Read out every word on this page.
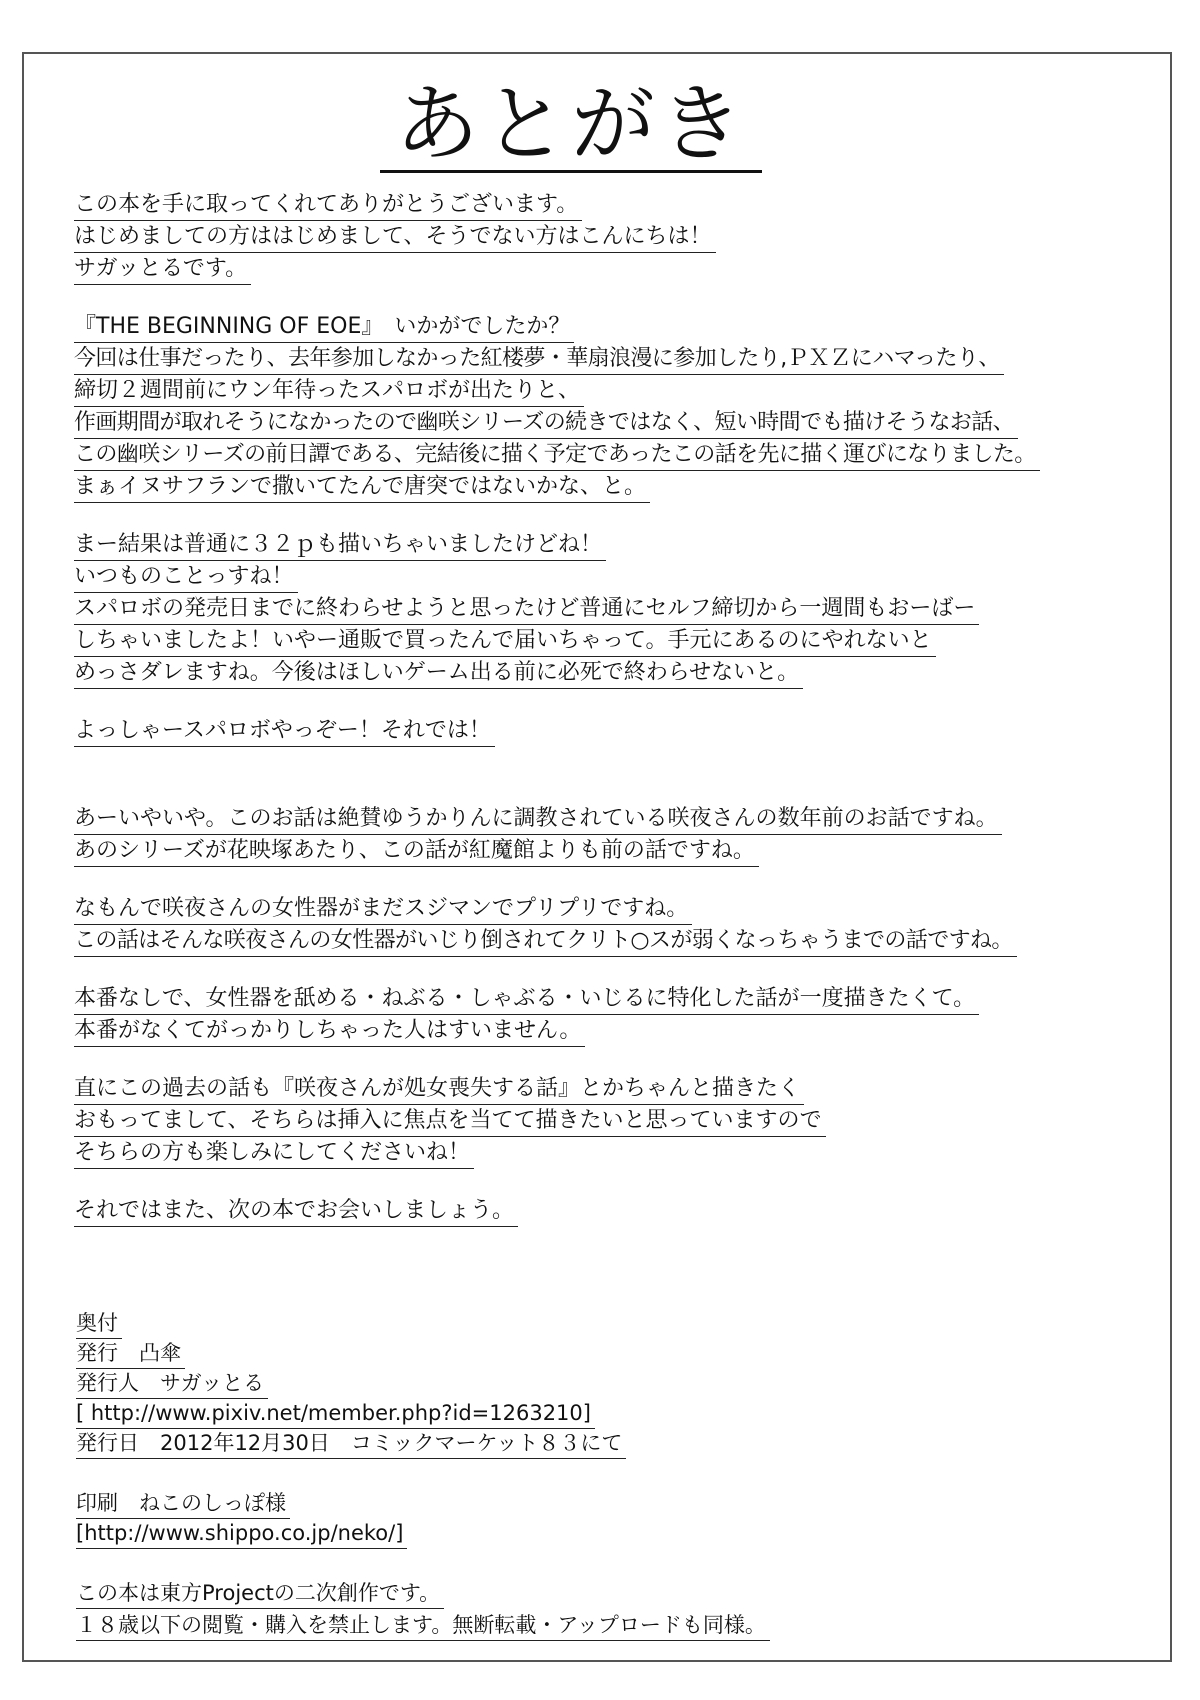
あとがき
この本を手に取ってくれてありがとうございます。
はじめましての方ははじめまして、そうでない方はこんにちは！
サガッとるです。
『THE BEGINNING OF EOE』　いかがでしたか？
今回は仕事だったり、去年参加しなかった紅楼夢・華扇浪漫に参加したり,ＰＸＺにハマったり、
締切２週間前にウン年待ったスパロボが出たりと、
作画期間が取れそうになかったので幽咲シリーズの続きではなく、短い時間でも描けそうなお話、
この幽咲シリーズの前日譚である、完結後に描く予定であったこの話を先に描く運びになりました。
まぁイヌサフランで撒いてたんで唐突ではないかな、と。
まー結果は普通に３２ｐも描いちゃいましたけどね！
いつものことっすね！
スパロボの発売日までに終わらせようと思ったけど普通にセルフ締切から一週間もおーばー
しちゃいましたよ！いやー通販で買ったんで届いちゃって。手元にあるのにやれないと
めっさダレますね。今後はほしいゲーム出る前に必死で終わらせないと。
よっしゃースパロボやっぞー！それでは！
あーいやいや。このお話は絶賛ゆうかりんに調教されている咲夜さんの数年前のお話ですね。
あのシリーズが花映塚あたり、この話が紅魔館よりも前の話ですね。
なもんで咲夜さんの女性器がまだスジマンでプリプリですね。
この話はそんな咲夜さんの女性器がいじり倒されてクリト○スが弱くなっちゃうまでの話ですね。
本番なしで、女性器を舐める・ねぶる・しゃぶる・いじるに特化した話が一度描きたくて。
本番がなくてがっかりしちゃった人はすいません。
直にこの過去の話も『咲夜さんが処女喪失する話』とかちゃんと描きたく
おもってまして、そちらは挿入に焦点を当てて描きたいと思っていますので
そちらの方も楽しみにしてくださいね！
それではまた、次の本でお会いしましょう。
奥付
発行　凸傘
発行人　サガッとる
[ http://www.pixiv.net/member.php?id=1263210]
発行日　2012年12月30日　コミックマーケット８３にて
印刷　ねこのしっぽ様
[http://www.shippo.co.jp/neko/]
この本は東方Projectの二次創作です。
１８歳以下の閲覧・購入を禁止します。無断転載・アップロードも同様。
